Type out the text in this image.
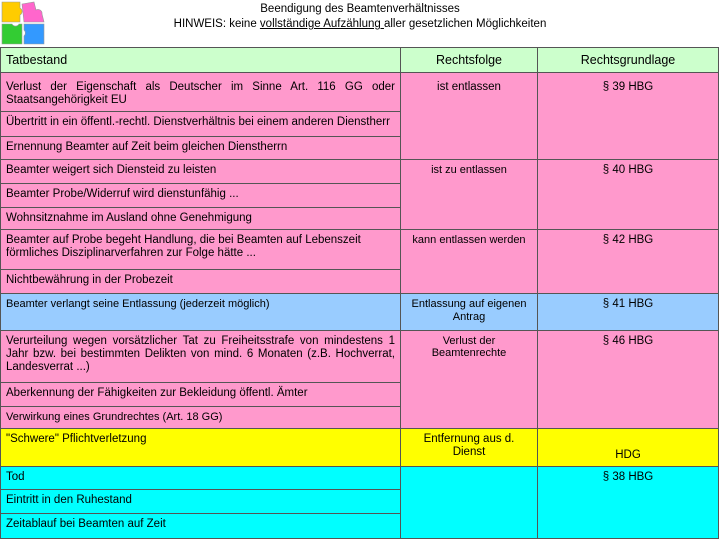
Beendigung des Beamtenverhältnisses
HINWEIS: keine vollständige Aufzählung aller gesetzlichen Möglichkeiten
Tatbestand	Rechtsfolge	Rechtsgrundlage
Verlust der Eigenschaft als Deutscher im Sinne Art. 116 GG oder Staatsangehörigkeit EU	ist entlassen	§ 39 HBG
Übertritt in ein öffentl.-rechtl. Dienstverhältnis bei einem anderen Dienstherr		
Ernennung Beamter auf Zeit beim gleichen Dienstherrn		
Beamter weigert sich Diensteid zu leisten	ist zu entlassen	§ 40 HBG
Beamter Probe/Widerruf wird dienstunfähig ...		
Wohnsitznahme im Ausland ohne Genehmigung		
Beamter auf Probe begeht Handlung, die bei Beamten auf Lebenszeit förmliches Disziplinarverfahren zur Folge hätte ...	kann entlassen werden	§ 42 HBG
Nichtbewährung in der Probezeit		
Beamter verlangt seine Entlassung (jederzeit möglich)	Entlassung auf eigenen Antrag	§ 41 HBG
Verurteilung wegen vorsätzlicher Tat zu Freiheitsstrafe von mindestens 1 Jahr bzw. bei bestimmten Delikten von mind. 6 Monaten (z.B. Hochverrat, Landesverrat ...)	Verlust der Beamtenrechte	§ 46 HBG
Aberkennung der Fähigkeiten zur Bekleidung öffentl. Ämter		
Verwirkung eines Grundrechtes (Art. 18 GG)		
"Schwere" Pflichtverletzung	Entfernung aus d. Dienst	HDG
Tod		§ 38 HBG
Eintritt in den Ruhestand		
Zeitablauf bei Beamten auf Zeit		
